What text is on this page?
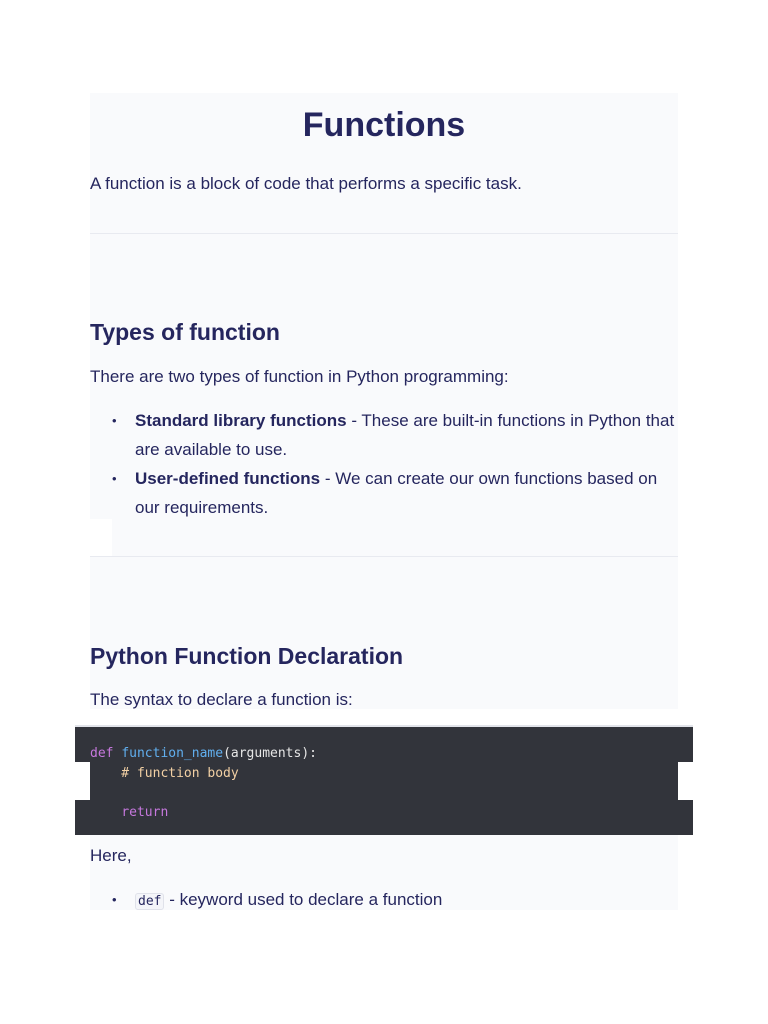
Functions

A function is a block of code that performs a specific task.

Types of function

There are two types of function in Python programming:

• Standard library functions - These are built-in functions in Python that are available to use.
• User-defined functions - We can create our own functions based on our requirements.
Python Function Declaration

The syntax to declare a function is:

def function_name(arguments):
# function body

return

Here,

• def - keyword used to declare a function
